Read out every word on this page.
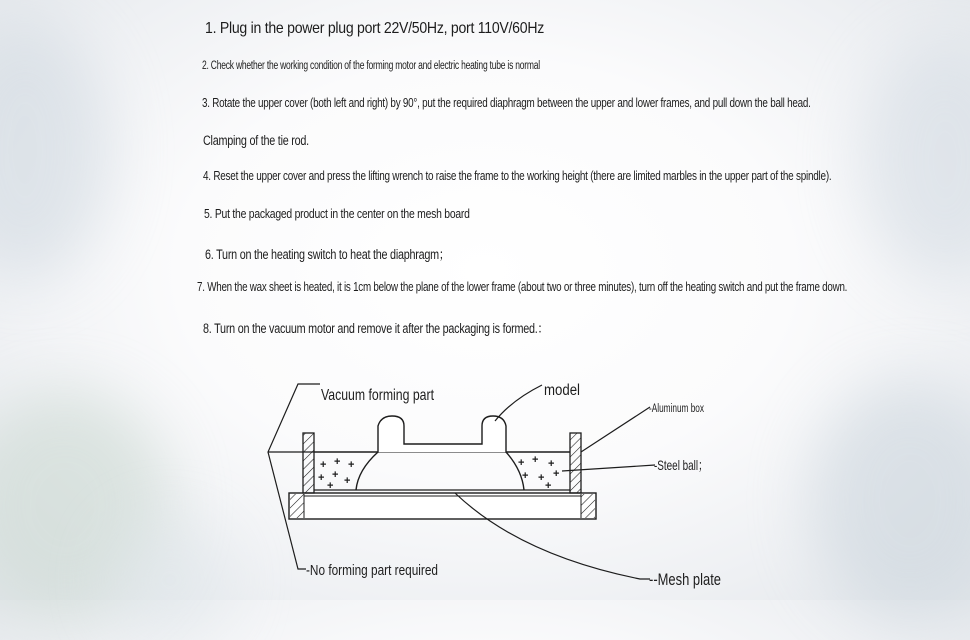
1. Plug in the power plug port 22V/50Hz, port 110V/60Hz
2. Check whether the working condition of the forming motor and electric heating tube is normal
3. Rotate the upper cover (both left and right) by 90°, put the required diaphragm between the upper and lower frames, and pull down the ball head.
Clamping of the tie rod.
4. Reset the upper cover and press the lifting wrench to raise the frame to the working height (there are limited marbles in the upper part of the spindle).
5. Put the packaged product in the center on the mesh board
6. Turn on the heating switch to heat the diaphragm；
7. When the wax sheet is heated, it is 1cm below the plane of the lower frame (about two or three minutes), turn off the heating switch and put the frame down.
8. Turn on the vacuum motor and remove it after the packaging is formed.：
+ + +
+ + +
+
+ + +
+ + +
+
Vacuum forming part	model
-Aluminum box
-Steel ball；
-No forming part required	--Mesh plate
